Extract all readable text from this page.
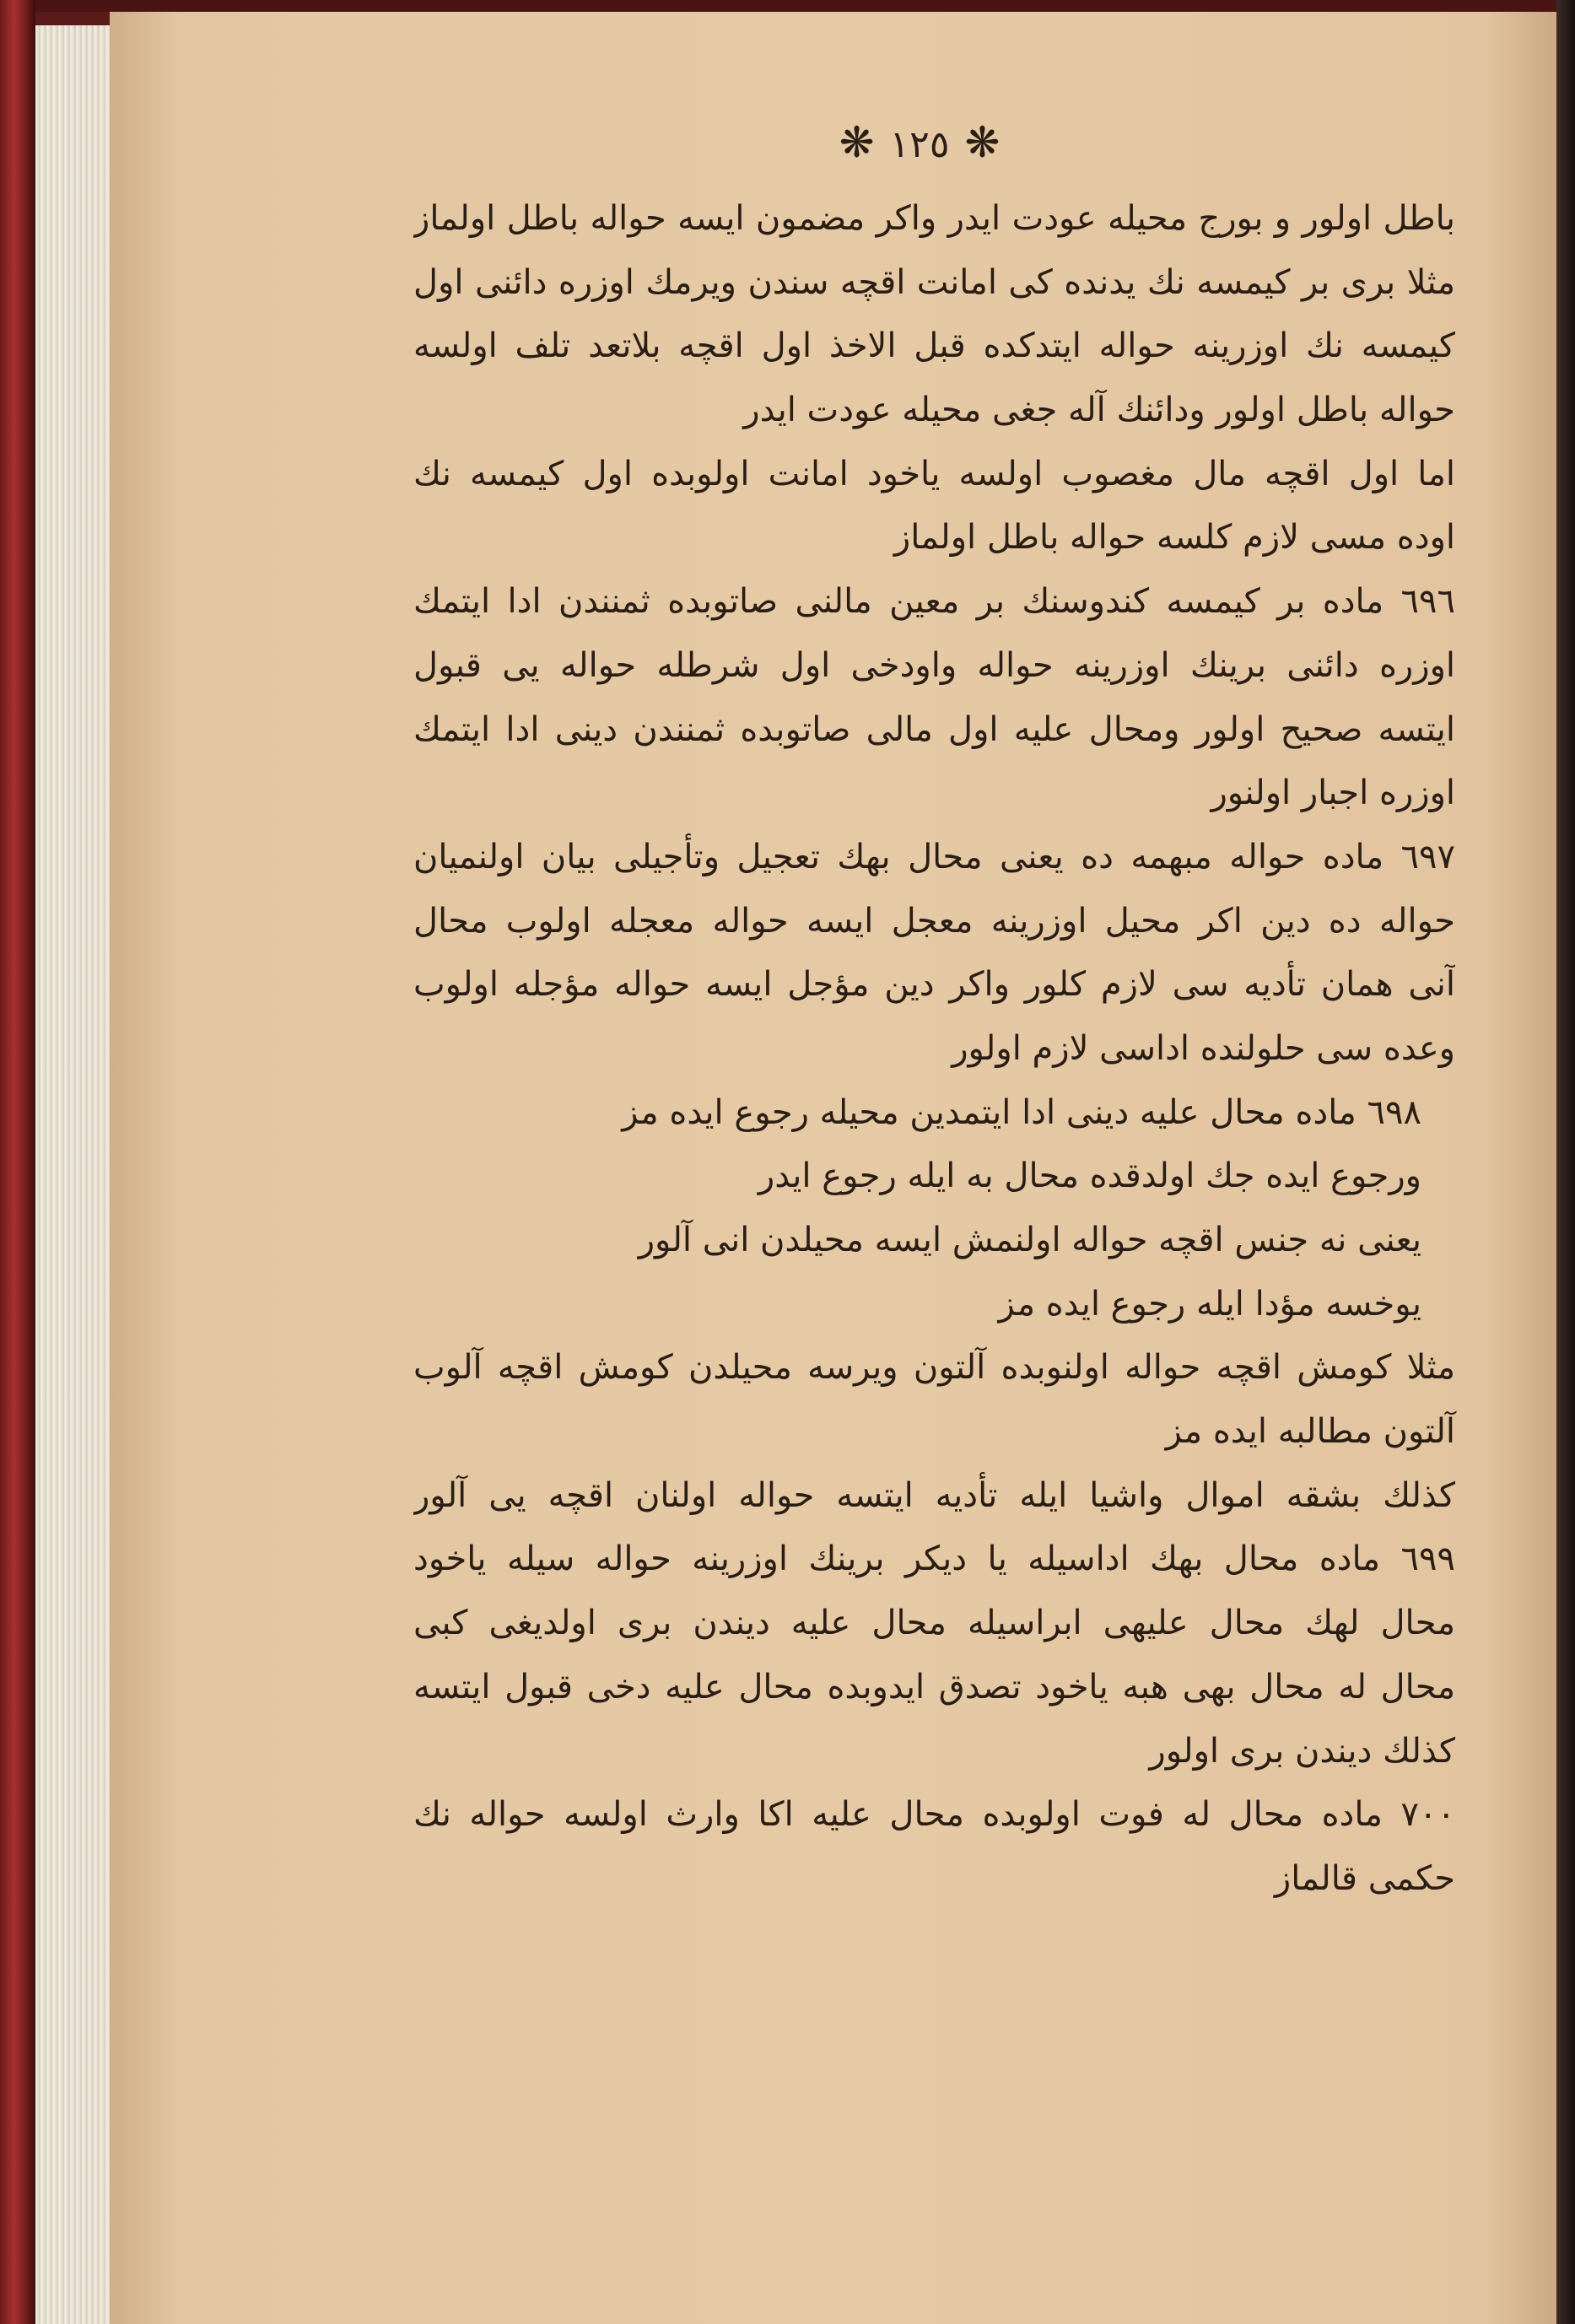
❋ ١٢٥ ❋
باطل اولور و بورج محیله عودت ایدر واکر مضمون ایسه حواله باطل اولماز
مثلا بری بر کیمسه نك یدنده کی امانت اقچه سندن ویرمك اوزره دائنی اول
کیمسه نك اوزرینه حواله ایتدکده قبل الاخذ اول اقچه بلاتعد تلف اولسه
حواله باطل اولور ودائنك آله جغی محیله عودت ایدر
اما اول اقچه مال مغصوب اولسه یاخود امانت اولوبده اول کیمسه نك
اوده مسی لازم کلسه حواله باطل اولماز
٦٩٦ ماده بر کیمسه کندوسنك بر معین مالنی صاتوبده ثمنندن ادا ایتمك
اوزره دائنی برینك اوزرینه حواله واودخی اول شرطله حواله یی قبول
ایتسه صحیح اولور ومحال علیه اول مالی صاتوبده ثمنندن دینی ادا ایتمك
اوزره اجبار اولنور
٦٩٧ ماده حواله مبهمه ده یعنی محال بهك تعجیل وتأجیلی بیان اولنمیان
حواله ده دین اکر محیل اوزرینه معجل ایسه حواله معجله اولوب محال
آنی همان تأدیه سی لازم کلور واکر دین مؤجل ایسه حواله مؤجله اولوب
وعده سی حلولنده اداسی لازم اولور
٦٩٨ ماده محال علیه دینی ادا ایتمدین محیله رجوع ایده مز
ورجوع ایده جك اولدقده محال به ایله رجوع ایدر
یعنی نه جنس اقچه حواله اولنمش ایسه محیلدن انی آلور
یوخسه مؤدا ایله رجوع ایده مز
مثلا کومش اقچه حواله اولنوبده آلتون ویرسه محیلدن کومش اقچه آلوب
آلتون مطالبه ایده مز
کذلك بشقه اموال واشیا ایله تأدیه ایتسه حواله اولنان اقچه یی آلور
٦٩٩ ماده محال بهك اداسیله یا دیکر برینك اوزرینه حواله سیله یاخود
محال لهك محال علیهی ابراسیله محال علیه دیندن بری اولدیغی کبی
محال له محال بهی هبه یاخود تصدق ایدوبده محال علیه دخی قبول ایتسه
کذلك دیندن بری اولور
٧٠٠ ماده محال له فوت اولوبده محال علیه اکا وارث اولسه حواله نك
حکمی قالماز
